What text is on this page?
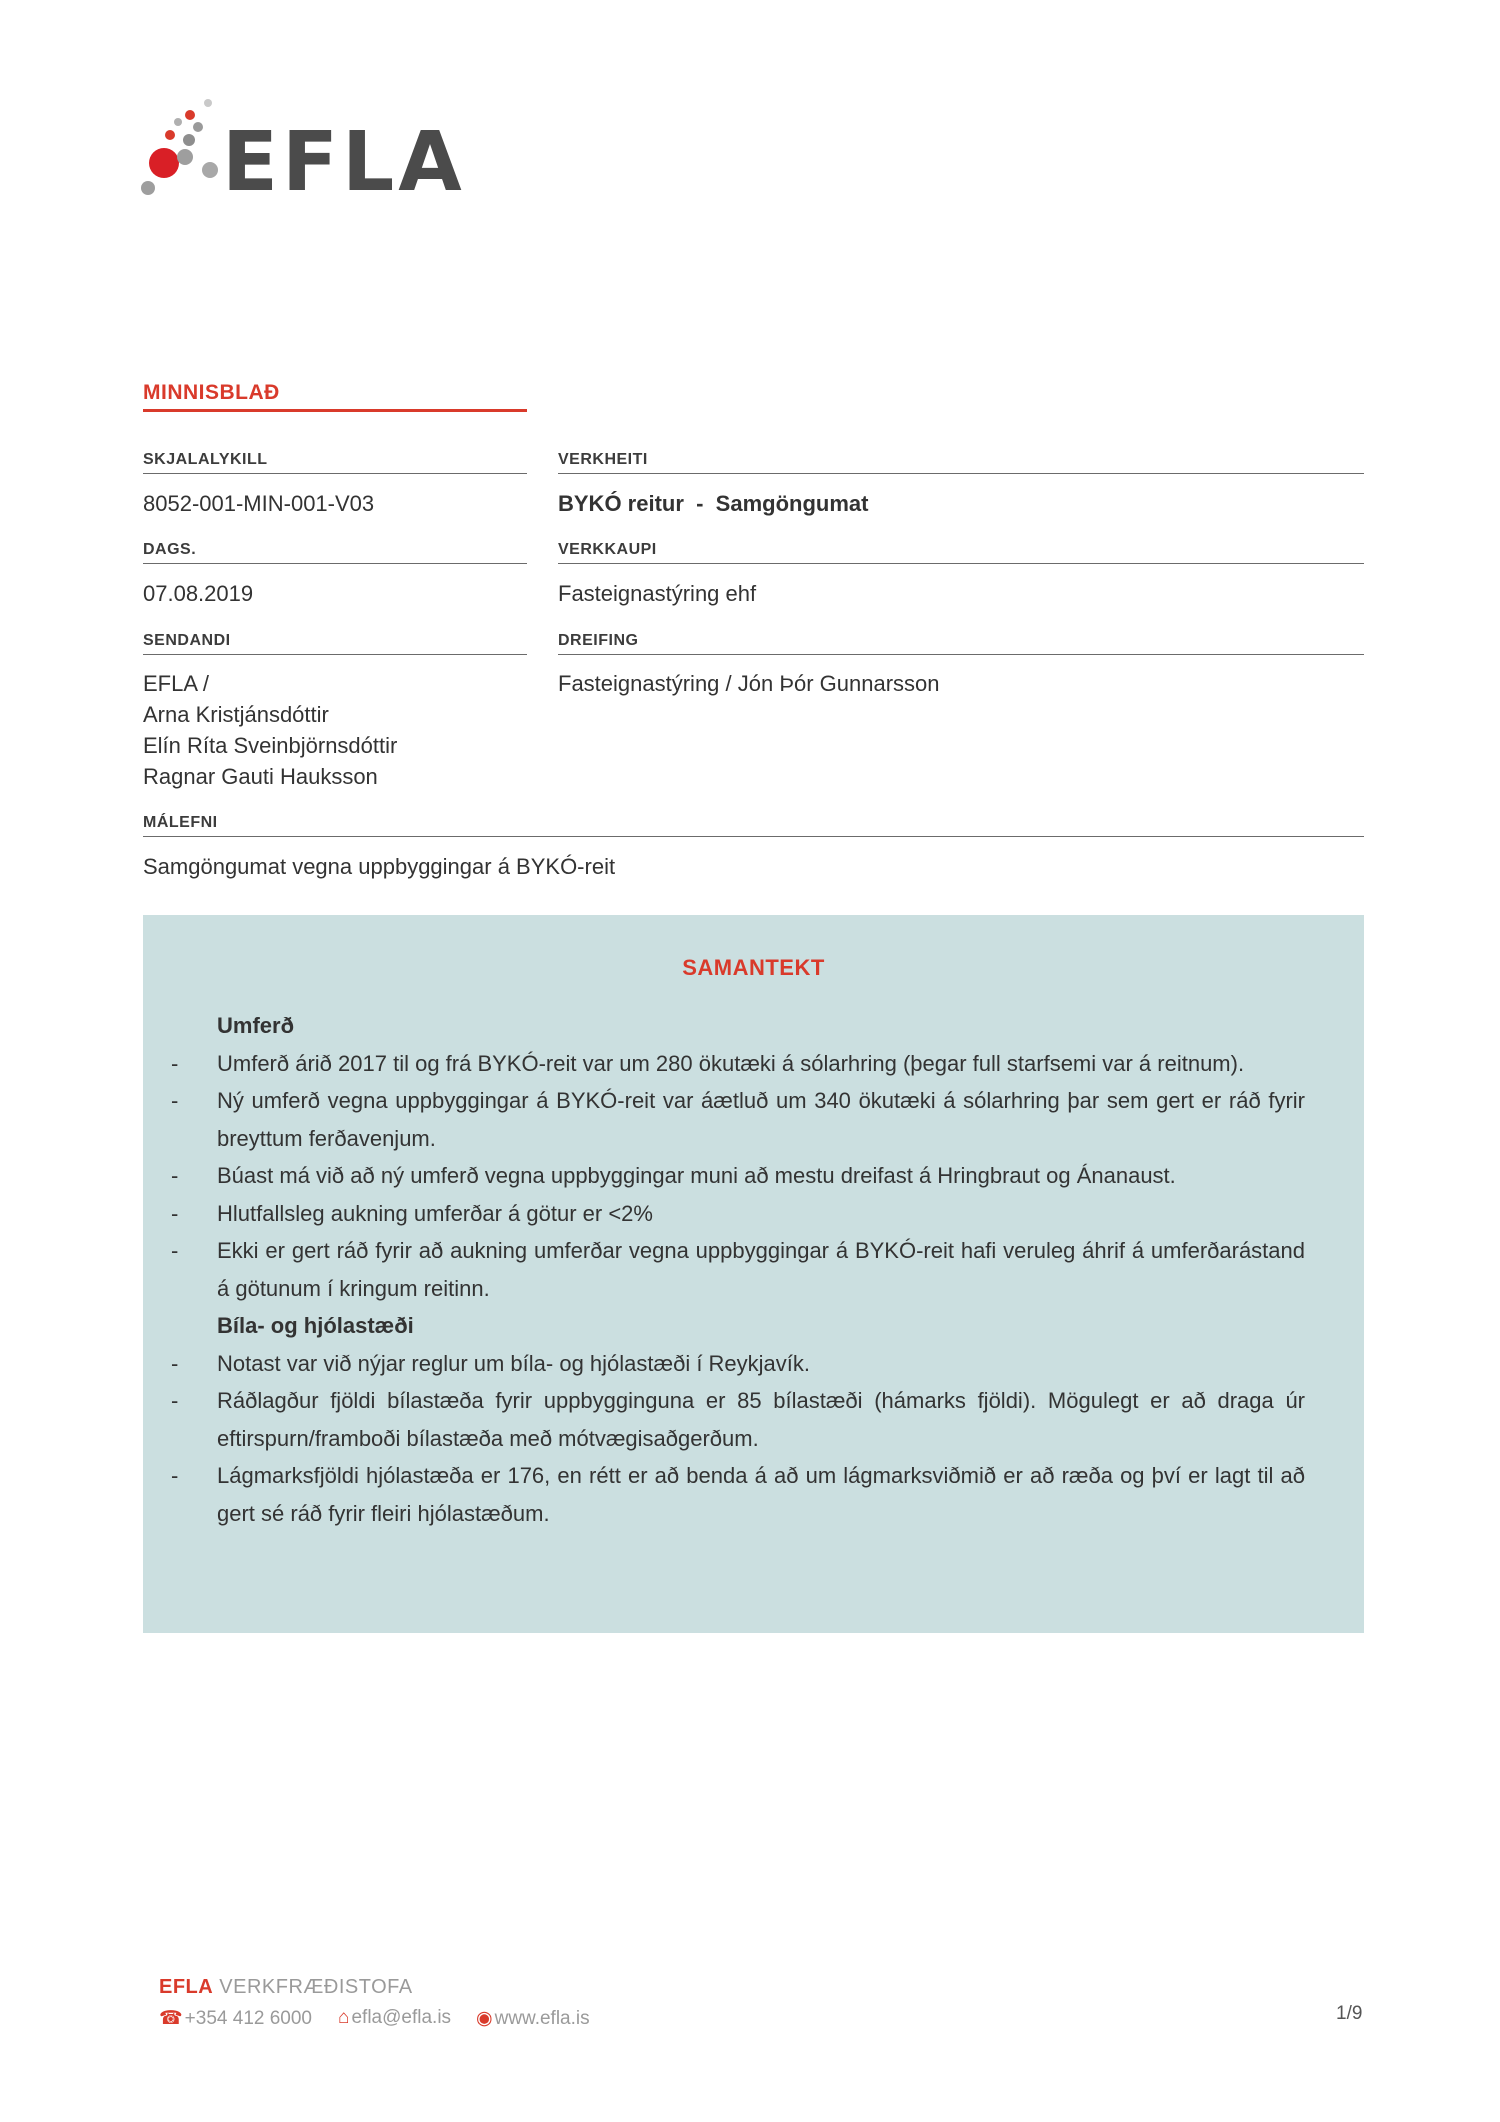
EFLA
MINNISBLAÐ
SKJALALYKILL
8052-001-MIN-001-V03
VERKHEITI
BYKÓ reitur  -  Samgöngumat
DAGS.
07.08.2019
VERKKAUPI
Fasteignastýring ehf
SENDANDI
EFLA /
Arna Kristjánsdóttir
Elín Ríta Sveinbjörnsdóttir
Ragnar Gauti Hauksson
DREIFING
Fasteignastýring / Jón Þór Gunnarsson
MÁLEFNI
Samgöngumat vegna uppbyggingar á BYKÓ-reit
SAMANTEKT
Umferð
- Umferð árið 2017 til og frá BYKÓ-reit var um 280 ökutæki á sólarhring (þegar full starfsemi var á reitnum).
- Ný umferð vegna uppbyggingar á BYKÓ-reit var áætluð um 340 ökutæki á sólarhring þar sem gert er ráð fyrir breyttum ferðavenjum.
- Búast má við að ný umferð vegna uppbyggingar muni að mestu dreifast á Hringbraut og Ánanaust.
- Hlutfallsleg aukning umferðar á götur er <2%
- Ekki er gert ráð fyrir að aukning umferðar vegna uppbyggingar á BYKÓ-reit hafi veruleg áhrif á umferðarástand á götunum í kringum reitinn.
Bíla- og hjólastæði
- Notast var við nýjar reglur um bíla- og hjólastæði í Reykjavík.
- Ráðlagður fjöldi bílastæða fyrir uppbygginguna er 85 bílastæði (hámarks fjöldi). Mögulegt er að draga úr eftirspurn/framboði bílastæða með mótvægisaðgerðum.
- Lágmarksfjöldi hjólastæða er 176, en rétt er að benda á að um lágmarksviðmið er að ræða og því er lagt til að gert sé ráð fyrir fleiri hjólastæðum.
EFLA VERKFRÆÐISTOFA
☎ +354 412 6000 ⌂ efla@efla.is ◉ www.efla.is	1/9
